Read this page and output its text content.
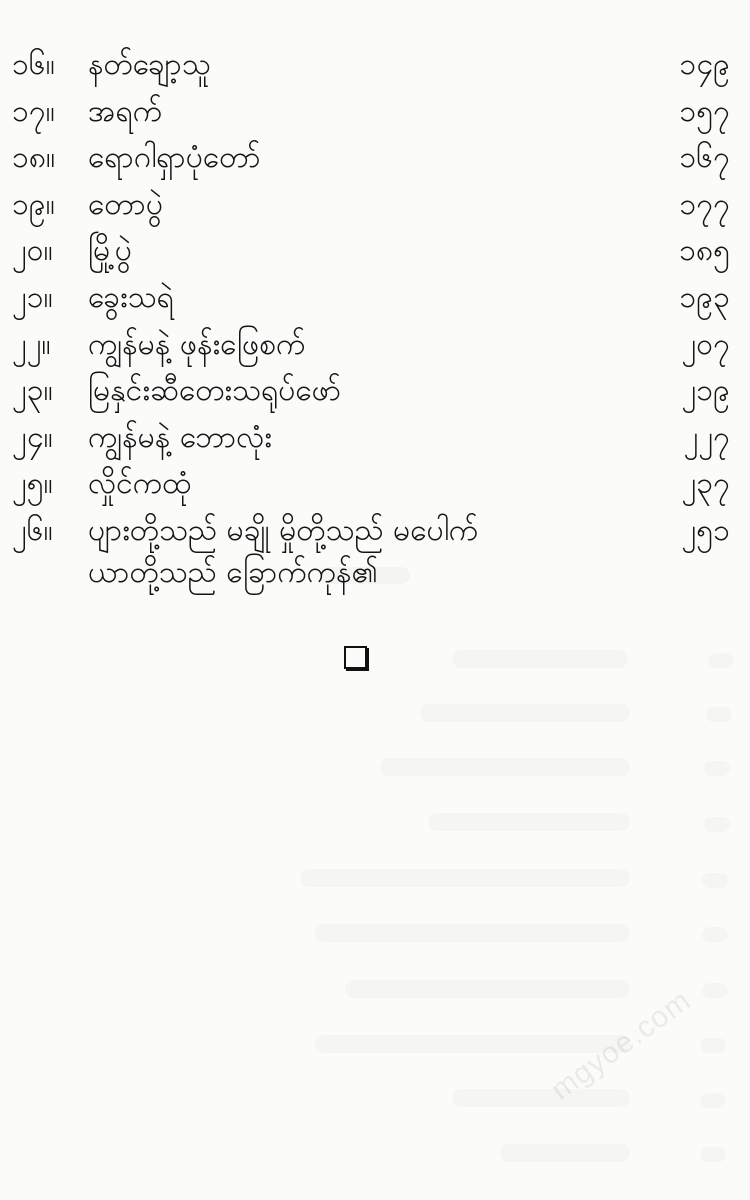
၁၆။	နတ်ချော့သူ	၁၄၉
၁၇။	အရက်	၁၅၇
၁၈။	ရောဂါရှာပုံတော်	၁၆၇
၁၉။	တောပွဲ	၁၇၇
၂၀။	မြို့ပွဲ	၁၈၅
၂၁။	ခွေးသရဲ	၁၉၃
၂၂။	ကျွန်မနဲ့ ဖုန်းဖြေစက်	၂၀၇
၂၃။	မြနှင်းဆီတေးသရုပ်ဖော်	၂၁၉
၂၄။	ကျွန်မနဲ့ ဘောလုံး	၂၂၇
၂၅။	လှိုင်ကထုံ	၂၃၇
၂၆။	ပျားတို့သည် မချို မှိုတို့သည် မပေါက်
ယာတို့သည် ခြောက်ကုန်၏
၂၅၁
mgyoe.com
